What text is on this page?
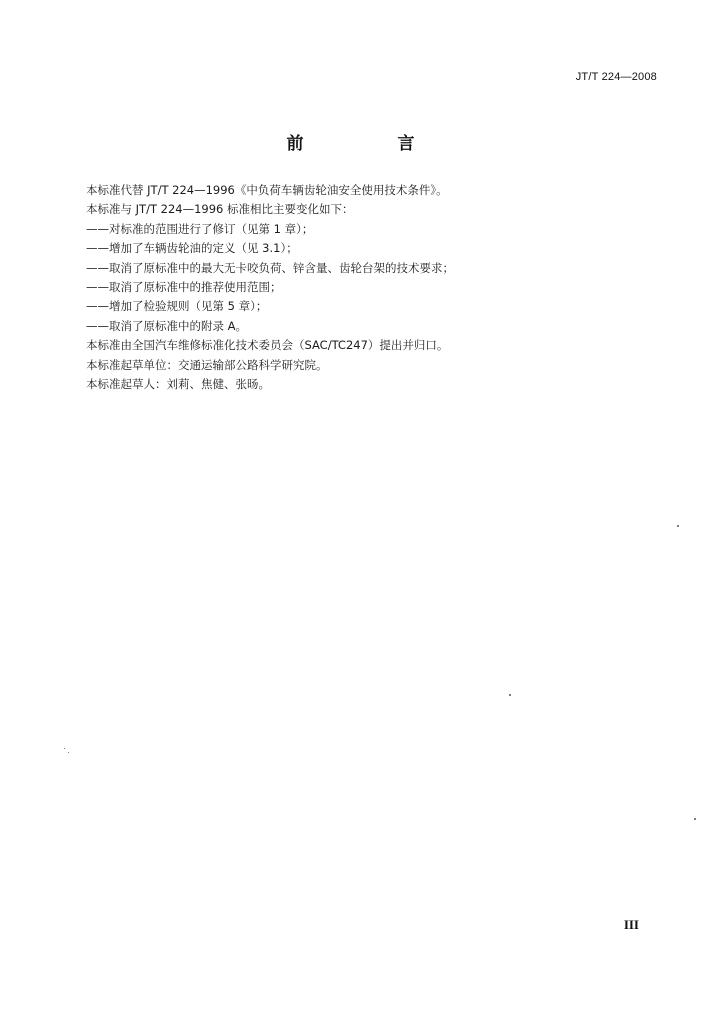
JT/T 224—2008
前 言
本标准代替 JT/T 224—1996《中负荷车辆齿轮油安全使用技术条件》。
本标准与 JT/T 224—1996 标准相比主要变化如下：
——对标准的范围进行了修订（见第 1 章）；
——增加了车辆齿轮油的定义（见 3.1）；
——取消了原标准中的最大无卡咬负荷、锌含量、齿轮台架的技术要求；
——取消了原标准中的推荐使用范围；
——增加了检验规则（见第 5 章）；
——取消了原标准中的附录 A。
本标准由全国汽车维修标准化技术委员会（SAC/TC247）提出并归口。
本标准起草单位：交通运输部公路科学研究院。
本标准起草人：刘莉、焦健、张旸。
III
